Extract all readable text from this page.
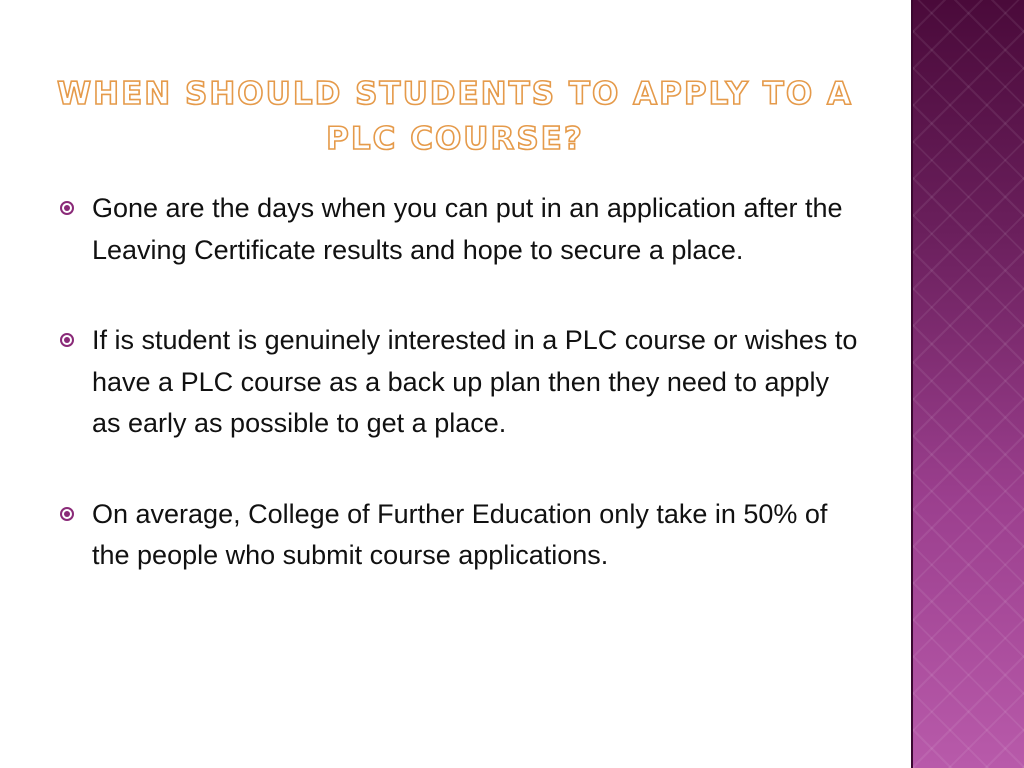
WHEN SHOULD STUDENTS TO APPLY TO A PLC COURSE?
Gone are the days when you can put in an application after the Leaving Certificate results and hope to secure a place.
If is student is genuinely interested in a PLC course or wishes to have a PLC course as a back up plan then they need to apply as early as possible to get a place.
On average, College of Further Education only take in 50% of the people who submit course applications.
